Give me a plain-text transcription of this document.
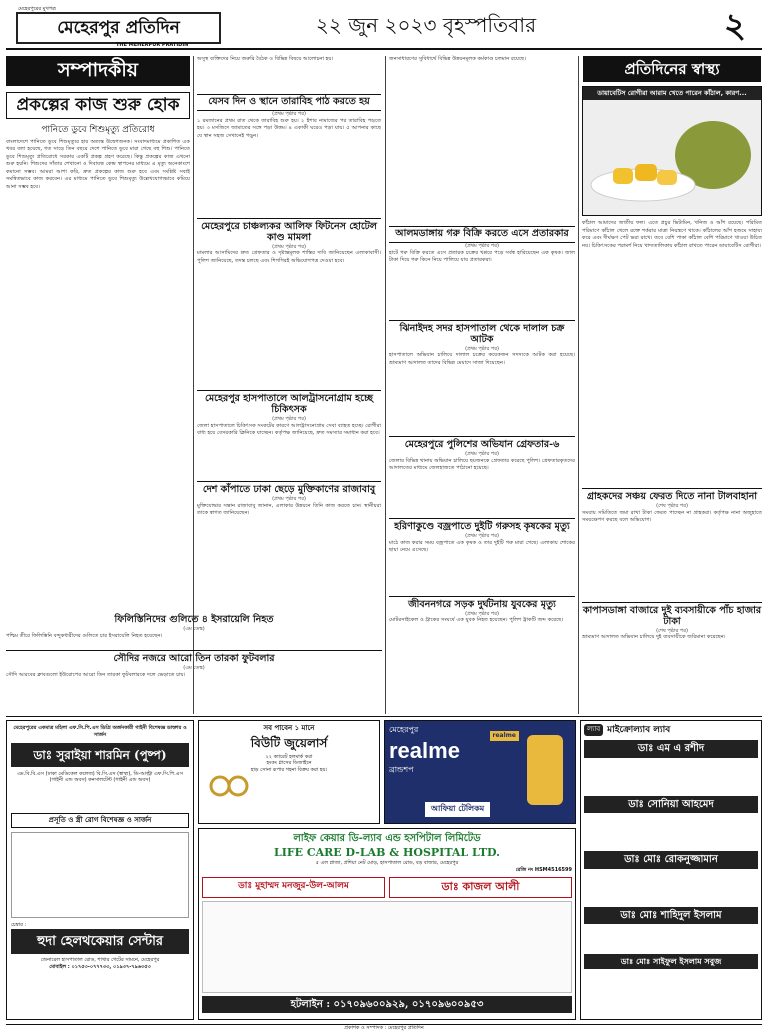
মেহেরপুরের মুখপত্র
মেহেরপুর প্রতিদিন
THE MEHERPUR PRATIDIN
২২ জুন ২০২৩ বৃহস্পতিবার	২
সম্পাদকীয়
প্রকল্পের কাজ শুরু হোক
পানিতে ডুবে শিশুমৃত্যু প্রতিরোধ
বাংলাদেশে পানিতে ডুবে শিশুমৃত্যুর হার অত্যন্ত উদ্বেগজনক। সংবাদমাধ্যমে প্রকাশিত এক খবর বলা হয়েছে, গত সাড়ে তিন বছরে দেশে পানিতে ডুবে মারা গেছে বহু শিশু। পানিতে ডুবে শিশুমৃত্যু প্রতিরোধে সরকার একটি প্রকল্প গ্রহণ করেছে। কিন্তু প্রকল্পের কাজ এখনো শুরু হয়নি। শিশুদের সাঁতার শেখানো ও দিবাযত্ন কেন্দ্র স্থাপনের মাধ্যমে এ মৃত্যু অনেকাংশে কমানো সম্ভব। আমরা আশা করি, দ্রুত প্রকল্পের কাজ শুরু হবে এবং সংশ্লিষ্ট সবাই সমন্বিতভাবে কাজ করবেন। এর মাধ্যমে পানিতে ডুবে শিশুমৃত্যু উল্লেখযোগ্যভাবে কমিয়ে আনা সম্ভব হবে।
ফিলিস্তিনিদের গুলিতে ৪ ইসরায়েলি নিহত
(এম ডেস্ক)
পশ্চিম তীরে ফিলিস্তিনি বন্দুকধারীদের গুলিতে চার ইসরায়েলি নিহত হয়েছেন।
সৌদির নজরে আরো তিন তারকা ফুটবলার
(এম ডেস্ক)
সৌদি আরবের ক্লাবগুলো ইউরোপের আরো তিন তারকা ফুটবলারকে দলে ভেড়াতে চায়।
অসুস্থ ব্যক্তিদের নিয়ে জরুরি বৈঠক ও বিভিন্ন বিষয়ে আলোচনা হয়।
যেসব দিন ও স্থানে তারাবিহ পাঠ করতে হয়
(প্রথম পৃষ্ঠার পর)
১ রমজানের প্রথম রাত থেকে তারাবিহ শুরু হয়। ২ ইশার নামাজের পর তারাবিহ পড়তে হয়। ৩ মসজিদে জামাতের সঙ্গে পড়া উত্তম। ৪ একাকী ঘরেও পড়া যায়। ৫ আপনার কাছে যে স্থান সহজ সেখানেই পড়ুন।
মেহেরপুরে চাঞ্চল্যকর আলিফ ফিটনেস হোটেল কাণ্ড মামলা
(প্রথম পৃষ্ঠার পর)
মামলার আসামিদের দ্রুত গ্রেফতার ও দৃষ্টান্তমূলক শাস্তির দাবি জানিয়েছেন এলাকাবাসী। পুলিশ জানিয়েছে, তদন্ত চলছে এবং শিগগিরই অভিযোগপত্র দেওয়া হবে।
মেহেরপুর হাসপাতালে আলট্রাসনোগ্রাম হচ্ছে চিকিৎসক
(প্রথম পৃষ্ঠার পর)
জেলা হাসপাতালে চিকিৎসক সংকটের কারণে আলট্রাসনোগ্রাম সেবা ব্যাহত হচ্ছে। রোগীরা বাধ্য হয়ে বেসরকারি ক্লিনিকে যাচ্ছেন। কর্তৃপক্ষ জানিয়েছে, দ্রুত সমস্যার সমাধান করা হবে।
দেশ কাঁপাতে ঢাকা ছেড়ে মুক্তিকাণের রাজাবাবু
(প্রথম পৃষ্ঠার পর)
মুক্তিযোদ্ধার সন্তান রাজাবাবু জানান, এলাকার উন্নয়নে তিনি কাজ করতে চান। স্থানীয়রা তাকে স্বাগত জানিয়েছেন।
জনসাধারণের সুবিধার্থে বিভিন্ন উন্নয়নমূলক কর্মকাণ্ড চলমান রয়েছে।
আলমডাঙ্গায় গরু বিক্রি করতে এসে প্রতারকার
(প্রথম পৃষ্ঠার পর)
হাটে গরু বিক্রি করতে এসে প্রতারক চক্রের খপ্পরে পড়ে সর্বস্ব হারিয়েছেন এক কৃষক। জাল টাকা দিয়ে গরু কিনে নিয়ে পালিয়ে যায় প্রতারকরা।
ঝিনাইদহ সদর হাসপাতাল থেকে দালাল চক্র আটক
(প্রথম পৃষ্ঠার পর)
হাসপাতালে অভিযান চালিয়ে দালাল চক্রের কয়েকজন সদস্যকে আটক করা হয়েছে। ভ্রাম্যমাণ আদালত তাদের বিভিন্ন মেয়াদে সাজা দিয়েছেন।
মেহেরপুরে পুলিশের অভিযান গ্রেফতার-৬
(প্রথম পৃষ্ঠার পর)
জেলার বিভিন্ন থানায় অভিযান চালিয়ে ছয়জনকে গ্রেফতার করেছে পুলিশ। গ্রেফতারকৃতদের আদালতের মাধ্যমে জেলহাজতে পাঠানো হয়েছে।
হরিণাকুণ্ডে বজ্রপাতে দুইটি গরুসহ কৃষকের মৃত্যু
(প্রথম পৃষ্ঠার পর)
মাঠে কাজ করার সময় বজ্রপাতে এক কৃষক ও তার দুইটি গরু মারা গেছে। এলাকায় শোকের ছায়া নেমে এসেছে।
জীবননগরে সড়ক দুর্ঘটনায় যুবকের মৃত্যু
(প্রথম পৃষ্ঠার পর)
মোটরসাইকেল ও ট্রাকের সংঘর্ষে এক যুবক নিহত হয়েছেন। পুলিশ ট্রাকটি জব্দ করেছে।
প্রতিদিনের স্বাস্থ্য
ডায়াবেটিস রোগীরা আরাম খেতে পারেন কাঁঠাল, কারণ...
কাঁঠাল আমাদের জাতীয় ফল। এতে প্রচুর ভিটামিন, খনিজ ও আঁশ রয়েছে। পরিমিত পরিমাণে কাঁঠাল খেলে রক্তে শর্করার মাত্রা নিয়ন্ত্রণে থাকে। কাঁঠালের আঁশ হজমে সাহায্য করে এবং দীর্ঘক্ষণ পেট ভরা রাখে। তবে বেশি পাকা কাঁঠাল বেশি পরিমাণে খাওয়া উচিত নয়। চিকিৎসকের পরামর্শ নিয়ে খাদ্যতালিকায় কাঁঠাল রাখতে পারেন ডায়াবেটিস রোগীরা।
গ্রাহকদের সঞ্চয় ফেরত দিতে নানা টালবাহানা
(শেষ পৃষ্ঠার পর)
সমবায় সমিতিতে জমা রাখা টাকা ফেরত পাচ্ছেন না গ্রাহকরা। কর্তৃপক্ষ নানা অজুহাতে সময়ক্ষেপণ করছে বলে অভিযোগ।
কাপাসডাঙ্গা বাজারে দুই ব্যবসায়ীকে পাঁচ হাজার টাকা
(শেষ পৃষ্ঠার পর)
ভ্রাম্যমাণ আদালত অভিযান চালিয়ে দুই ব্যবসায়ীকে জরিমানা করেছেন।
মেহেরপুরের একমাত্র মহিলা এফ.সি.পি.এস ডিগ্রি অর্জনকারী গাইনী বিশেষজ্ঞ ডাক্তার ও সার্জন
ডাঃ সুরাইয়া শারমিন (পুষ্প)
এম.বি.বি.এস (ঢাকা মেডিকেল কলেজ) বি.সি.এস (স্বাস্থ্য), ডি-আল্ট্রা এফ.সি.পি.এস (গাইনী এন্ড অবস) কনসালটেন্ট (গাইনী এন্ড অবস)
প্রসূতি ও স্ত্রী রোগ বিশেষজ্ঞ ও সার্জন
চেম্বার :
হুদা হেলথকেয়ার সেন্টার
জেনারেল হাসপাতাল রোড, শাখার গেটের সামনে, মেহেরপুর
মোবাইল : ০১৭৫৩-০৭৭৭৩৩, ০১৯৩৭-৭৯৬৩৫৩
সব পাবেন ১ মানে
বিউটি জুয়েলার্স
২২ ক্যারেট হলমার্ক করা
হংকং গ্লাসের ডিজাইনে
হাড় সোনা রূপার গহনা বিক্রয় করা হয়।
মেহেরপুর
realme
ব্রান্ডশপ
আফিয়া টেলিকম
realme
ল্যাব মাইক্রোল্যাব ল্যাব
ডাঃ এম এ রশীদ
ডাঃ সোনিয়া আহমেদ
ডাঃ মোঃ রোকনুজ্জামান
ডাঃ মোঃ শাহিদুল ইসলাম
ডাঃ মোঃ সাইফুল ইসলাম সবুজ
লাইফ কেয়ার ডি-ল্যাব এন্ড হসপিটাল লিমিটেড
LIFE CARE D-LAB & HOSPITAL LTD.
৫ এল প্লাজা, প্রশিয়া নেট মোড়, হাসপাতাল রোড, বড় বাজার, মেহেরপুর
রেজি নং HSM4516599
ডাঃ মুহাম্মদ মনজুর-উল-আলম	ডাঃ কাজল আলী
হটলাইন : ০১৭০৯৬০০৯২৯, ০১৭০৯৬০০৯৫৩
প্রকাশক ও সম্পাদক : মেহেরপুর প্রতিদিন
